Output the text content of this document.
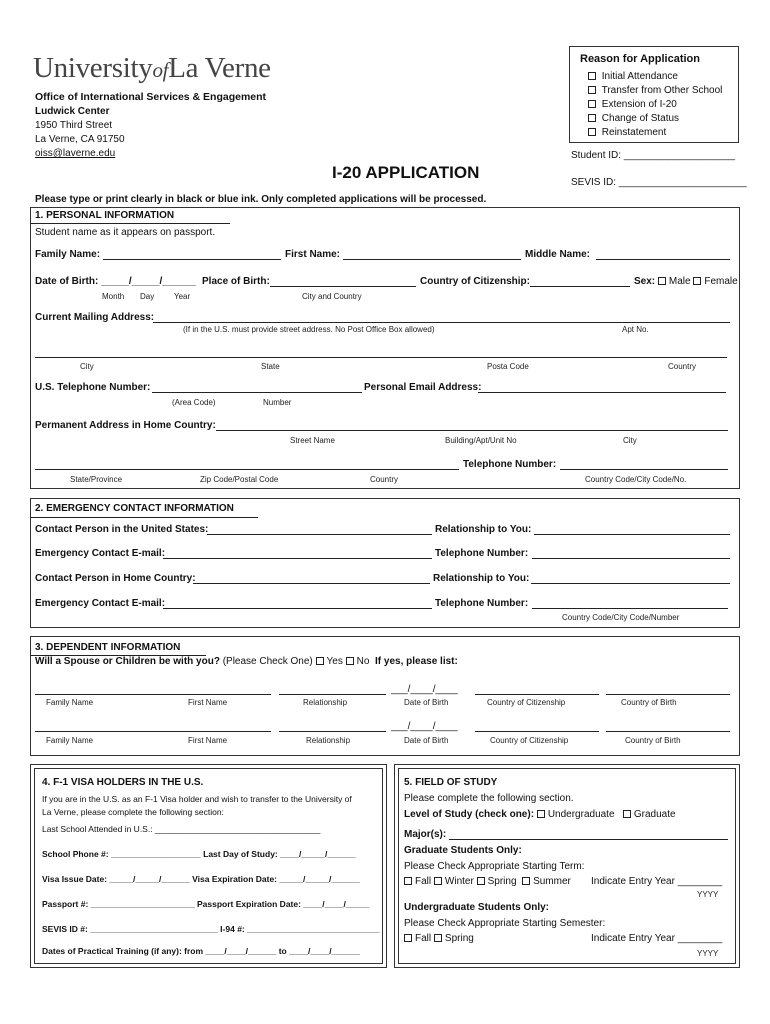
UniversityofLa Verne
Office of International Services & Engagement
Ludwick Center
1950 Third Street
La Verne, CA 91750
oiss@laverne.edu
Reason for Application
Initial Attendance
Transfer from Other School
Extension of I-20
Change of Status
Reinstatement
Student ID: ____________________
I-20 APPLICATION
SEVIS ID: _______________________
Please type or print clearly in black or blue ink. Only completed applications will be processed.
1. PERSONAL INFORMATION
Student name as it appears on passport.
Family Name:	First Name:	Middle Name:
Date of Birth: _____/_____/______ Place of Birth:	Country of Citizenship:	Sex: Male Female
Month Day Year	City and Country
Current Mailing Address:
(If in the U.S. must provide street address. No Post Office Box allowed)	Apt No.
City	State	Posta Code	Country
U.S. Telephone Number:	Personal Email Address:
(Area Code)	Number
Permanent Address in Home Country:
Street Name	Building/Apt/Unit No	City
Telephone Number:
State/Province	Zip Code/Postal Code	Country	Country Code/City Code/No.
2. EMERGENCY CONTACT INFORMATION
Contact Person in the United States:	Relationship to You:
Emergency Contact E-mail:	Telephone Number:
Contact Person in Home Country:	Relationship to You:
Emergency Contact E-mail:	Telephone Number:
Country Code/City Code/Number
3. DEPENDENT INFORMATION
Will a Spouse or Children be with you? (Please Check One) Yes No If yes, please list:
___/____/____
Family Name	First Name	Relationship	Date of Birth	Country of Citizenship	Country of Birth
___/____/____
Family Name	First Name	Relationship	Date of Birth	Country of Citizenship	Country of Birth
4. F-1 VISA HOLDERS IN THE U.S.
If you are in the U.S. as an F-1 Visa holder and wish to transfer to the University of
La Verne, please complete the following section:
Last School Attended in U.S.: ___________________________________
School Phone #: ___________________ Last Day of Study: ____/_____/______
Visa Issue Date: _____/_____/______ Visa Expiration Date: _____/_____/______
Passport #: ______________________ Passport Expiration Date: ____/____/_____
SEVIS ID #: ___________________________ I-94 #: ____________________________
Dates of Practical Training (if any): from ____/____/______ to ____/____/______
5. FIELD OF STUDY
Please complete the following section.
Level of Study (check one): Undergraduate Graduate
Major(s):
Graduate Students Only:
Please Check Appropriate Starting Term:
Fall Winter Spring Summer Indicate Entry Year ________
YYYY
Undergraduate Students Only:
Please Check Appropriate Starting Semester:
Fall Spring	Indicate Entry Year ________
YYYY
